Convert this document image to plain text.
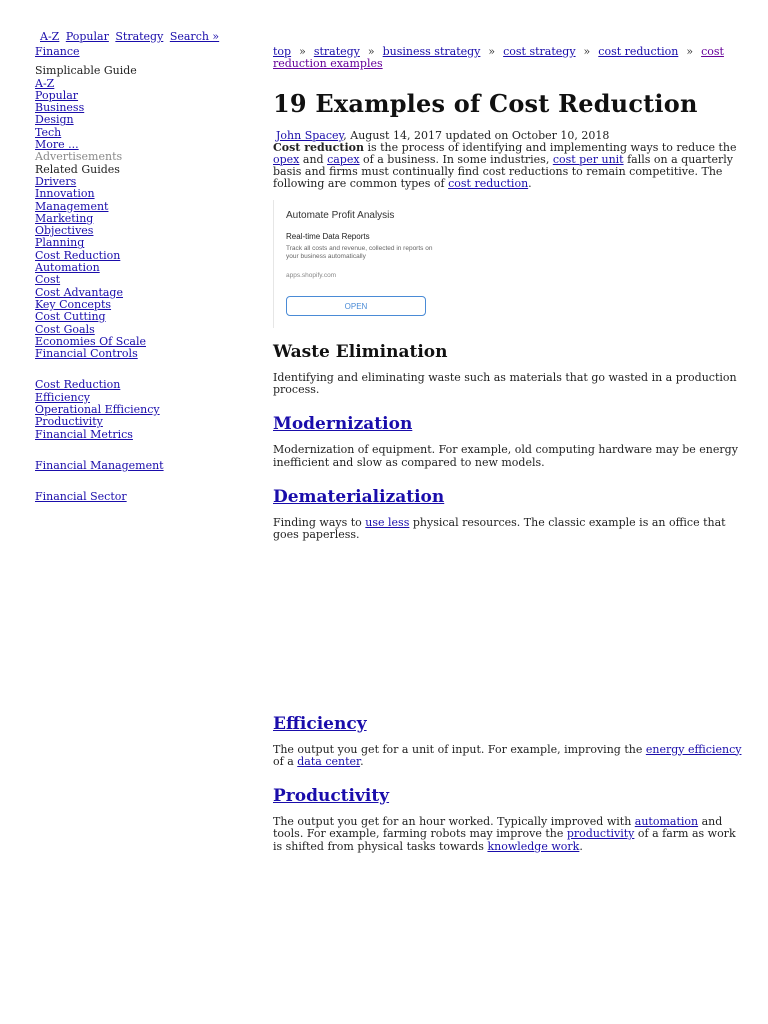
A-Z Popular Strategy Search »
Finance
Simplicable Guide
A-Z
Popular
Business
Design
Tech
More ...
Advertisements
Related Guides
Drivers
Innovation
Management
Marketing
Objectives
Planning
Cost Reduction
Automation
Cost
Cost Advantage
Key Concepts
Cost Cutting
Cost Goals
Economies Of Scale
Financial Controls
Cost Reduction
Efficiency
Operational Efficiency
Productivity
Financial Metrics
Financial Management
Financial Sector
top » strategy » business strategy » cost strategy » cost reduction » cost reduction examples
19 Examples of Cost Reduction
John Spacey, August 14, 2017 updated on October 10, 2018
Cost reduction is the process of identifying and implementing ways to reduce the opex and capex of a business. In some industries, cost per unit falls on a quarterly basis and firms must continually find cost reductions to remain competitive. The following are common types of cost reduction.
Automate Profit Analysis
Real-time Data Reports
Track all costs and revenue, collected in reports on your business automatically
apps.shopify.com
OPEN
Waste Elimination

Identifying and eliminating waste such as materials that go wasted in a production process.

Modernization

Modernization of equipment. For example, old computing hardware may be energy inefficient and slow as compared to new models.

Dematerialization

Finding ways to use less physical resources. The classic example is an office that goes paperless.

Efficiency

The output you get for a unit of input. For example, improving the energy efficiency of a data center.

Productivity

The output you get for an hour worked. Typically improved with automation and tools. For example, farming robots may improve the productivity of a farm as work is shifted from physical tasks towards knowledge work.
